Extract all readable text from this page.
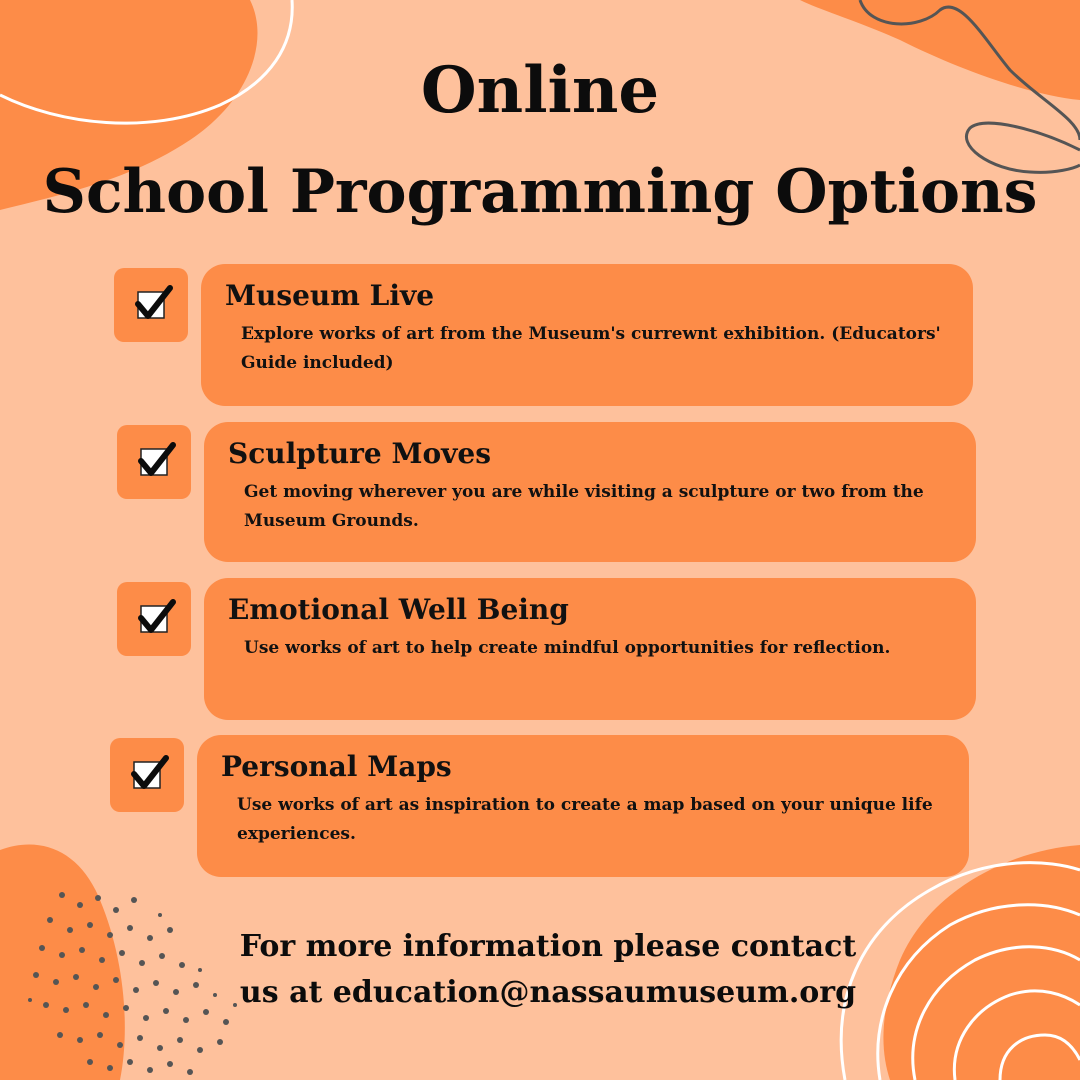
Online
School Programming Options
Museum Live
Explore works of art from the Museum's currewnt exhibition. (Educators' Guide included)
Sculpture Moves
Get moving wherever you are while visiting a sculpture or two from the Museum Grounds.
Emotional Well Being
Use works of art to help create mindful opportunities for reflection.
Personal Maps
Use works of art as inspiration to create a map based on your unique life experiences.
For more information please contact
us at education@nassaumuseum.org
